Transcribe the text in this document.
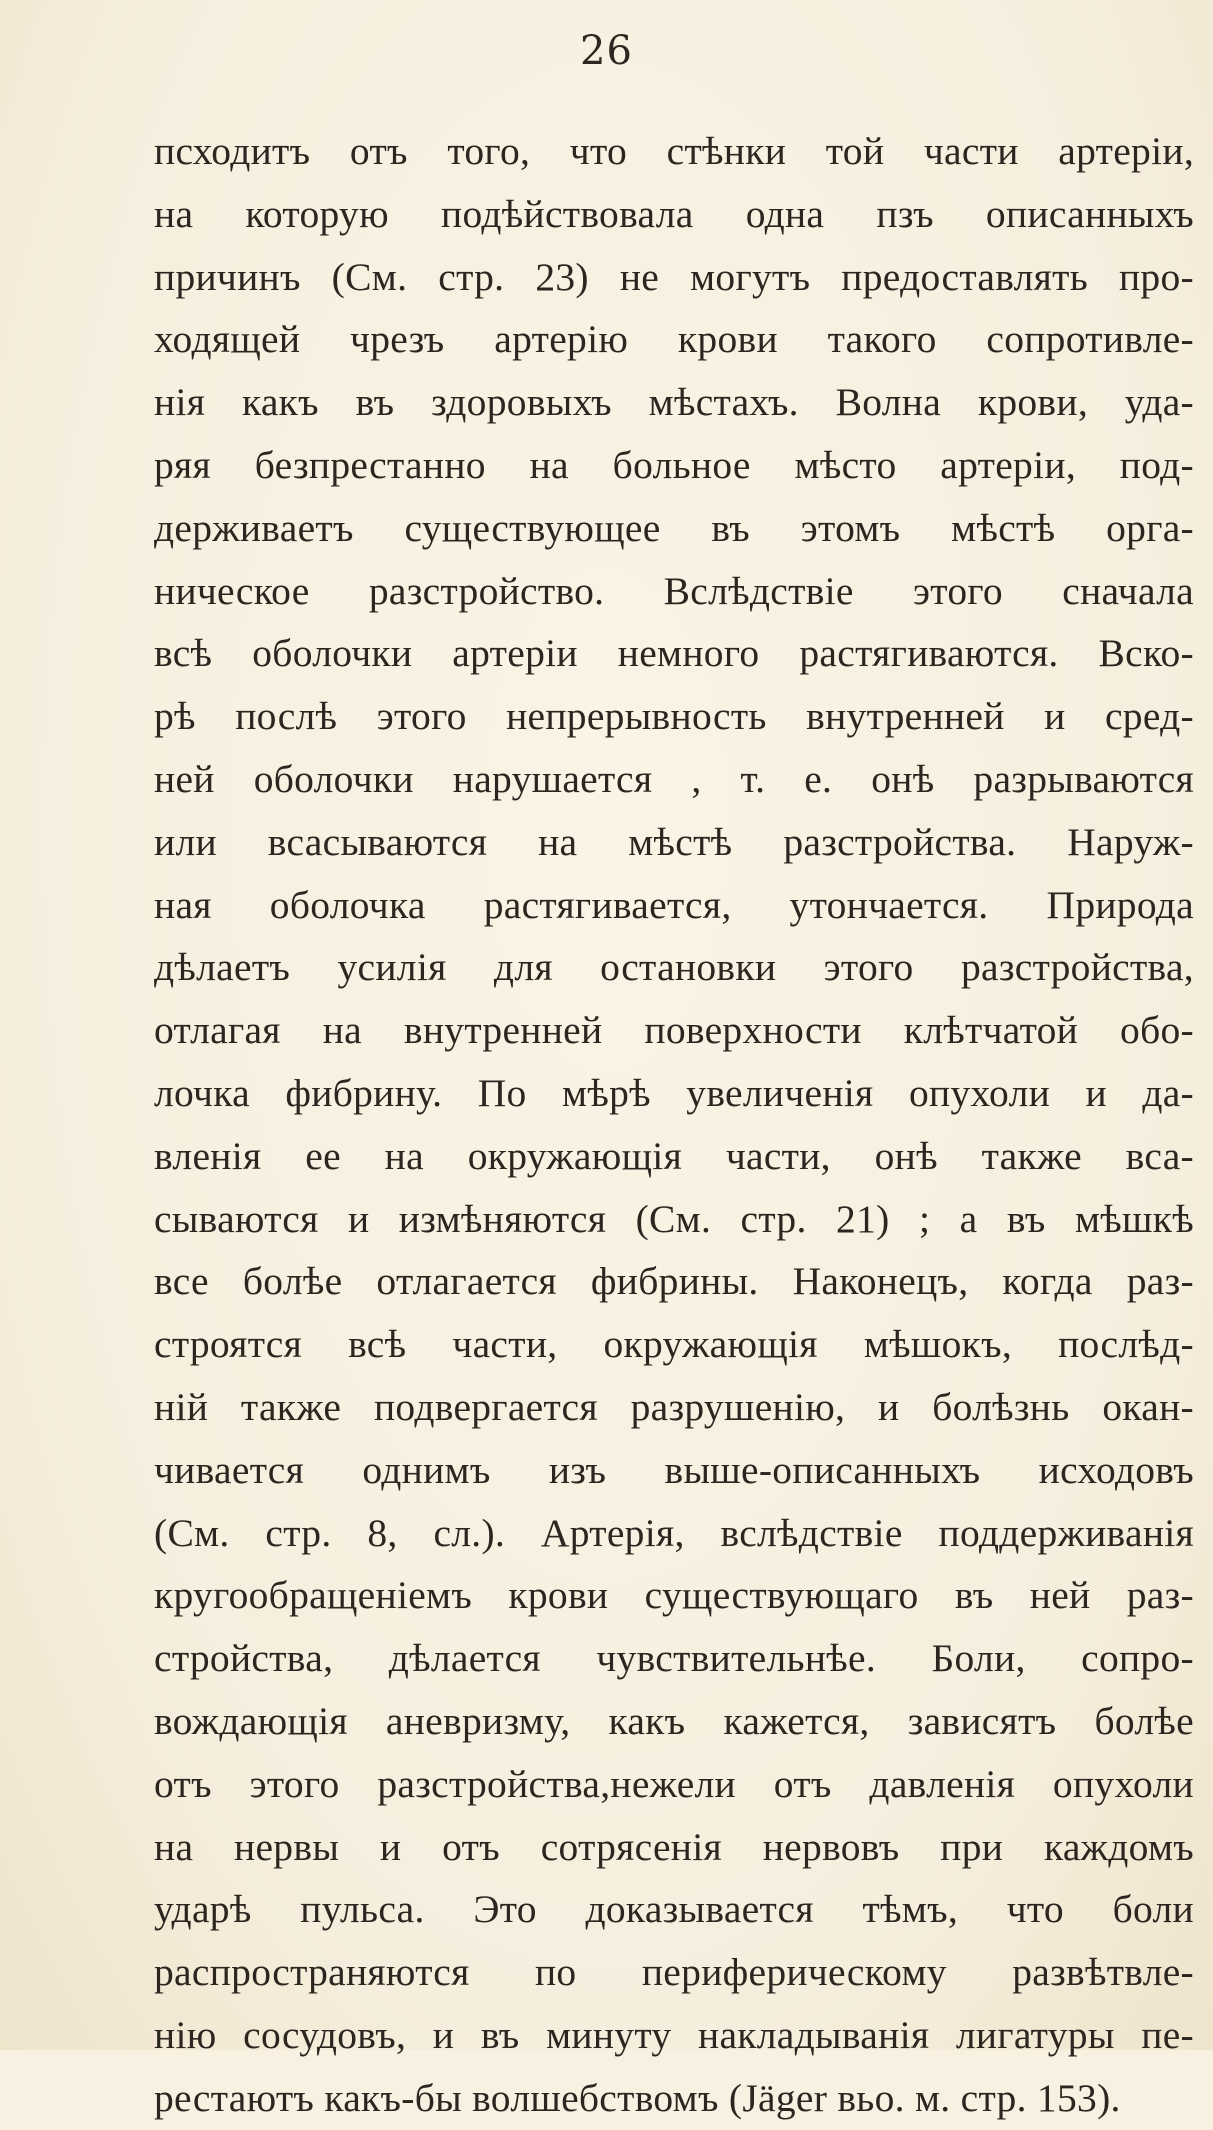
26
псходитъ отъ того, что стѣнки той части артеріи,
на которую подѣйствовала одна пзъ описанныхъ
причинъ (См. стр. 23) не могутъ предоставлять про-
ходящей чрезъ артерію крови такого сопротивле-
нія какъ въ здоровыхъ мѣстахъ. Волна крови, уда-
ряя безпрестанно на больное мѣсто артеріи, под-
держиваетъ существующее въ этомъ мѣстѣ орга-
ническое разстройство. Вслѣдствіе этого сначала
всѣ оболочки артеріи немного растягиваются. Вско-
рѣ послѣ этого непрерывность внутренней и сред-
ней оболочки нарушается , т. е. онѣ разрываются
или всасываются на мѣстѣ разстройства. Наруж-
ная оболочка растягивается, утончается. Природа
дѣлаетъ усилія для остановки этого разстройства,
отлагая на внутренней поверхности клѣтчатой обо-
лочка фибрину. По мѣрѣ увеличенія опухоли и да-
вленія ее на окружающія части, онѣ также вса-
сываются и измѣняются (См. стр. 21) ; а въ мѣшкѣ
все болѣе отлагается фибрины. Наконецъ, когда раз-
строятся всѣ части, окружающія мѣшокъ, послѣд-
ній также подвергается разрушенію, и болѣзнь окан-
чивается однимъ изъ выше-описанныхъ исходовъ
(См. стр. 8, сл.). Артерія, вслѣдствіе поддерживанія
кругообращеніемъ крови существующаго въ ней раз-
стройства, дѣлается чувствительнѣе. Боли, сопро-
вождающія аневризму, какъ кажется, зависятъ болѣе
отъ этого разстройства,нежели отъ давленія опухоли
на нервы и отъ сотрясенія нервовъ при каждомъ
ударѣ пульса. Это доказывается тѣмъ, что боли
распространяются по периферическому развѣтвле-
нію сосудовъ, и въ минуту накладыванія лигатуры пе-
рестаютъ какъ-бы волшебствомъ (Jäger вьо. м. стр. 153).
